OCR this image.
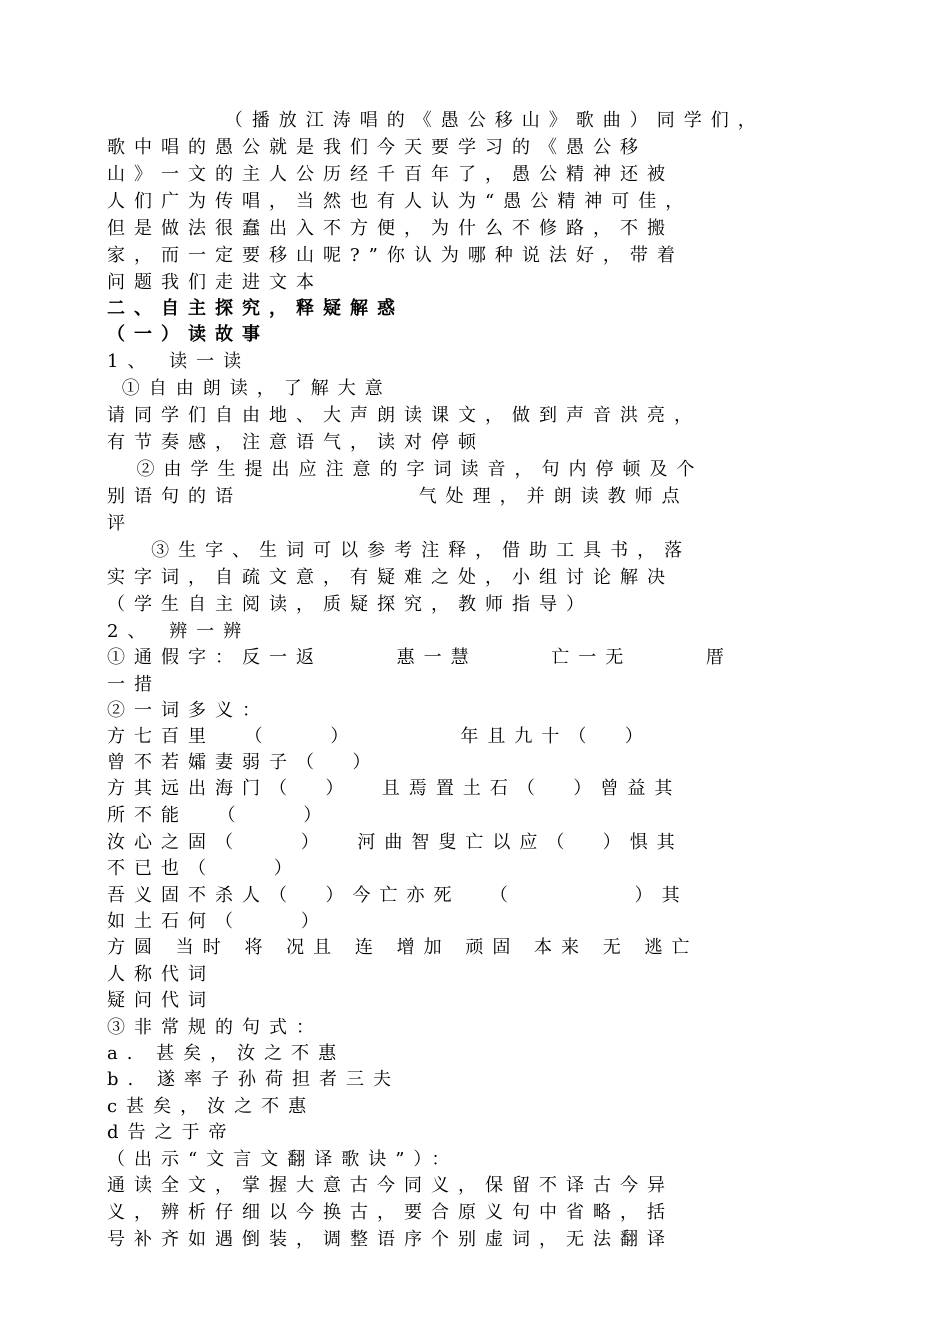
（播放江涛唱的《愚公移山》歌曲）同学们，
歌中唱的愚公就是我们今天要学习的《愚公移
山》一文的主人公历经千百年了，愚公精神还被
人们广为传唱，当然也有人认为“愚公精神可佳，
但是做法很蠢出入不方便，为什么不修路，不搬
家，而一定要移山呢?”你认为哪种说法好，带着
问题我们走进文本
二、自主探究，释疑解惑
（一）读故事
1、 读一读
①自由朗读，了解大意
请同学们自由地、大声朗读课文，做到声音洪亮，
有节奏感，注意语气，读对停顿
②由学生提出应注意的字词读音，句内停顿及个
别语句的语            气处理，并朗读教师点
评
③生字、生词可以参考注释，借助工具书，落
实字词，自疏文意，有疑难之处，小组讨论解决
（学生自主阅读，质疑探究，教师指导）
2、 辨一辨
①通假字：反一返     惠一慧     亡一无     厝
一措
②一词多义：
方七百里  （    ）       年且九十（  ）
曾不若孀妻弱子（  ）
方其远出海门（  ）  且焉置土石（  ）曾益其
所不能  （    ）
汝心之固（    ）  河曲智叟亡以应（  ）惧其
不已也（    ）
吾义固不杀人（  ）今亡亦死  （        ）其
如土石何（    ）
方圆 当时 将 况且 连 增加 顽固 本来 无 逃亡
人称代词
疑问代词
③非常规的句式：
a. 甚矣，汝之不惠
b. 遂率子孙荷担者三夫
c甚矣，汝之不惠
d告之于帝
（出示“文言文翻译歌诀”）：
通读全文，掌握大意古今同义，保留不译古今异
义，辨析仔细以今换古，要合原义句中省略，括
号补齐如遇倒装，调整语序个别虚词，无法翻译
